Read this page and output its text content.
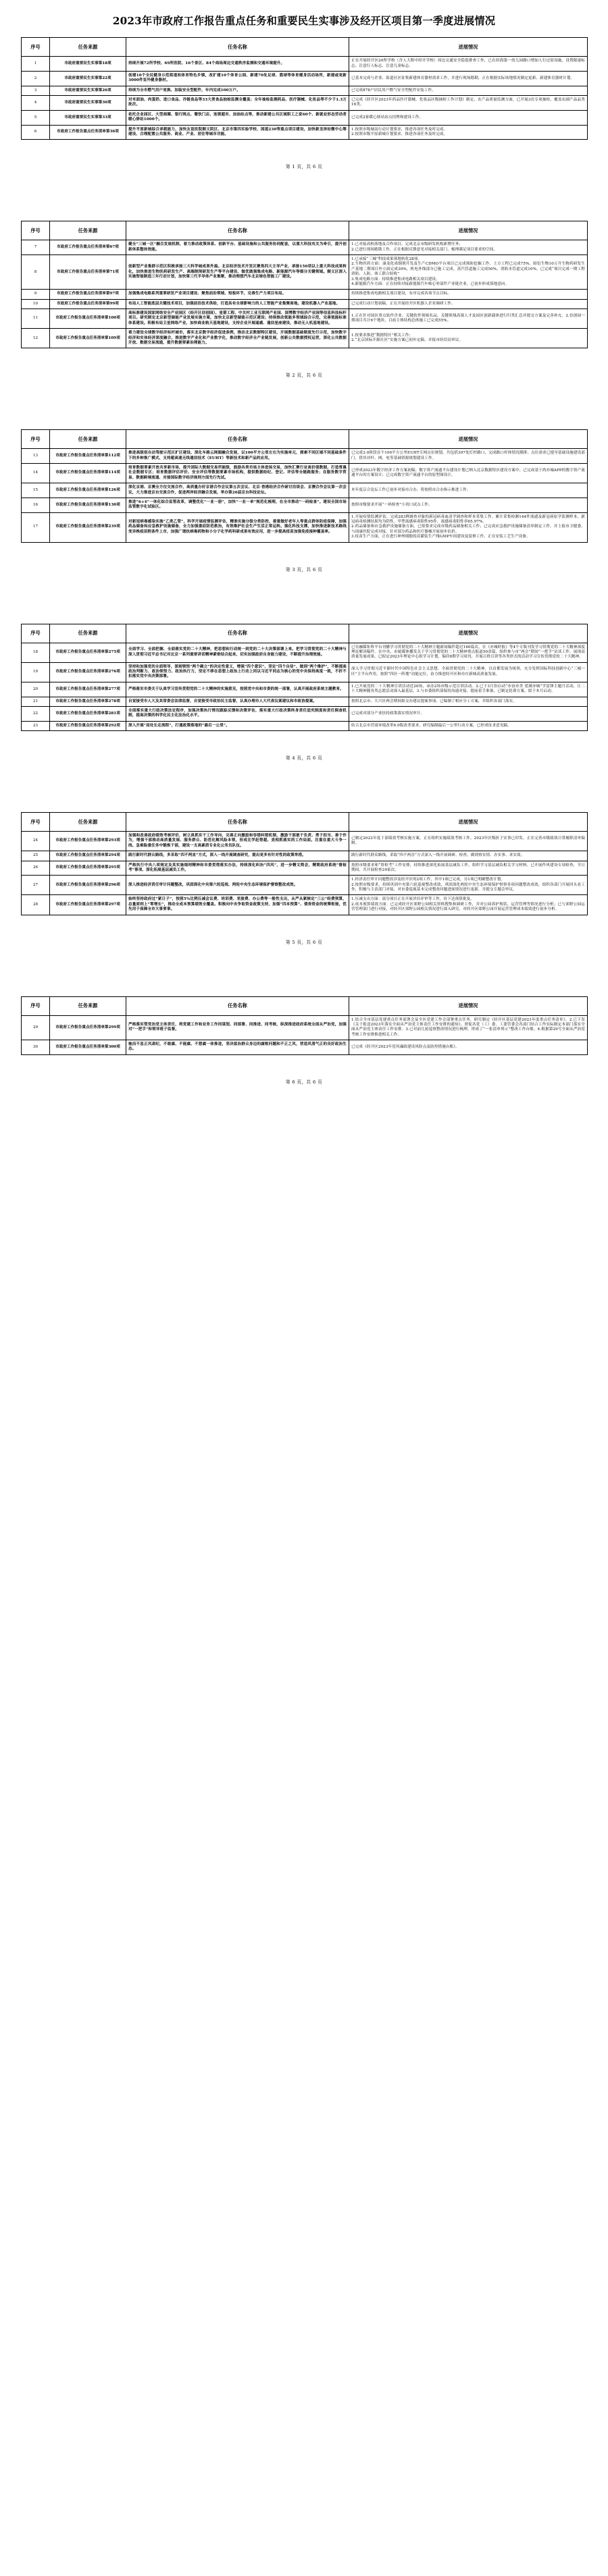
2023年市政府工作报告重点任务和重要民生实事涉及经开区项目第一季度进展情况
序号	任务来源	任务名称	进展情况
1	市政府重要民生实事第18项	持续开展72所学校、69所医院、16个景区、84个商场周边交通秩序监测和交通环境提升。	正在开展经开区20所学校（含人大附中经开学校）周边交通安全隐患排查工作，已在经海第一幼儿园路口增加人行过街设施，设置限速标志、注意行人标志、注意儿童标志。
2	市政府重要民生实事第22项	创建10个全民健身示范街道和体育特色乡镇，改扩建10个体育公园、新建70处足球、篮球等体育健身活动场所，新建或更新3000件室外健身器材。	已基本完成与企业、街道社区征集新建体育器材需求工作，并进行现场踏勘，正在根据实际场地情况制定更新、新建体育器材计划。
3	市政府重要民生实事第26项	持续为全市燃气用户更换、加装安全型配件，年内完成100万户。	已完成878户居民用户燃气安全型配件安装工作。
4	市政府重要民生实事第30项	对米面油、肉蛋奶、进口食品、冷链食品等33大类食品抽检监测全覆盖；全年抽检监测药品、医疗器械、化妆品等不少于1.3万批次。	已完成《经开区2023年药品医疗器械、化妆品区级抽检工作计划》制定，农产品质量监测方面，已开展3次专项抽检，覆盖农副产品品类16类。
5	市政府重要民生实事第33项	依托企业园区、大型商圈、银行网点、餐饮门店、连锁超市、加油站点等，推动新建公共区域职工之家60个、新就业形态劳动者暖心驿站1000个。	已完成2家暖心驿站站点挂牌和建设工作。
6	市政府工作报告重点任务清单第36项	提升平原新城综合承载能力，加快友谊医院顺义院区、北京市第四实验学校、国道230等重点项目建设，加快新龙泽站微中心筹建设、合理配置公共服务、商业、产业、居住等城市功能。	1.按照市级城南行动计划要求，推进各项任务及时完成。
2.按照市级平原新城计划要求，推进各项任务及时完成。
第 1 页，共 6 页
序号	任务来源	任务名称	进展情况
7	市政府工作报告重点任务清单第67项	健全“三城一区”融合发展机制，着力推动政策体系、创新平台、基础设施和公共服务协同配套，以重大科技攻关为牵引，提升创新体系整体效能。	1.已对接高校落地及合作项目、完成北京市级研发机构新增任务；
2.已进行现场踏勘工作，正在根据反馈意见对接相关部门，梳理满足项目要求的空间。
8	市政府工作报告重点任务清单第71项	创新型产业集群示范区积极承接三大科学城成果外溢。北京经济技术开发区聚焦四大主导产业，承接150项以上重大科技成果转化，加快推进生物医药研发生产、高端制剂研发生产等平台建设、做优做强集成电路、新能源汽车等细分关键领域。顺义区深入实施智能制造三年行动计划，加快第三代半导体产业集聚，推动理想汽车北京绿色智能工厂建设。	1.已承接“三城”科技成果落地转化28项。
2.生物医药方面：康龙化成制剂开发及生产CDMO平台项目已完成预防挖掘工作，土方工程已完成75%。昭衍生物10万升生物药研发生产基地二期项目外立面完成30%，机电外线部分已施工完成。蒸汽管道施工完成50%，消防水管道完成10%。已完成“项目完成一期工程消防、人防、竣工联合验收”
3.集成电路方面：持续推进集成电路相关项目建设。
4.新能源汽车方面：正在持续对接新能源汽车核心零部件产业链企业，已初步形成落地意向。
9	市政府工作报告重点任务清单第97项	加强集成电路系列重要研发产业项目建设、聚焦前沿领域、短板环节，完善生产力项目布局。	持续推进集成电路相关项目建设，有序完成各项节点目标。
10	市政府工作报告重点任务清单第99项	布局人工智能底层关键技术项目，加强前沿技术供给，打造具有全球影响力的人工智能产业集聚高地。建设机器人产业基地。	已完成行动计划初稿。正在开展经开区机器人企业调研工作。
11	市政府工作报告重点任务清单第100项	高标准建设国家网络安全产业园区（经开区信创园）、星箭工程、中关村工业互联网产业园、国博数字经济产业园等信息科技标杆项目。研究制定北京新型储能产业发展实施方案，加快北京新型储能示范区建设；持续推动氢能多领域综合示范，完善氢能标准体系建设。积极布局卫星网络产业，加快商业航天基地建设，支持企业开展遥感、通信星座建设，推动无人机基地建设。	1.正在针对园区重点软件企业、关键软件领域名品、关键领域高端人才及园区创新载体进行归类汇总并提交方案及完善补充。2.信创园一期项目共计6个地块，目前主体结构总体施工已完成55%。
12	市政府工作报告重点任务清单第109项	着力建设全球数字经济标杆城市，落实北京数字经济促进条例，推动北京数据特区建设，开展数据基础制度先行示范，加快数字经济和实体经济深度融合，推进数字产业化和产业数字化，推动数字经济全产业链发展，创新公共数据授权运营，深化公共数据开放、数据交易流通，提升数据要素治理能力。	1.按要求推进“数据特区”相关工作；
2.“北京国际开源社区”实施方案已初步定稿，并报市经信局审议。
第 2 页，共 6 页
序号	任务来源	任务名称	进展情况
13	市政府工作报告重点任务清单第112项	推进高级别自动驾驶示范区扩区建设、深化车路云网图融合发展，以100平方公里左右为实施单元，探索不同区域不同基础条件下的多种推广模式、支持超高速无线通信技术（EUHT）等新技术和新产品的应用。	已完成3.0阶段首个100平方公里EUHT专网点位规划，共包括307处灯控路口，完成路口杆体情况摸排；点位需求已提至基础设施建设部门，供其对杆、网、电等基础资源规划建设工作。
14	市政府工作报告重点任务清单第114项	培育数据要素开放共享新市场，提升国际大数据交易所能级，鼓励各类市场主体进场交易，加快汇聚行业高价值数据，打造普惠社会数据专区；培育数据评估评价、安全评估等数据要素市场机构，提供数据经纪、登记、评估等全链路服务；在服务数字贸易、数据跨境流通、对接国际数字经济规则方面先行先试。	已形成2023年数字经济工作方案初稿；数字资产流通平台建设计划已纳入北京数据特区建设方案中；已完成基于尚亦城APP的数字资产流通平台的方案设计；已完成数字资产流通平台的原型图设计。
15	市政府工作报告重点任务清单第126项	深化京港、京澳全方位交流合作，高质量办好京港合作会议第五次会议、北京·香港经济合作研讨洽谈会、京澳合作会议第一次会议，大力推进京台交流合作，促进两岸经济融合发展，举办第26届京台科技论坛。	本年度京合论坛工作已初步对接市合办，将按照市合办指示推进工作。
16	市政府工作报告重点任务清单第130项	推进“6+4”一体化综合监管改革，调整优化“一业一册”，加快“一业一单”规范化梳理，在全市推动“一码检查”。建设全国市场监管数字化试验区。	按照市级要求开展“一码检查”小切口试点工作。
17	市政府工作报告重点任务清单第239项	对新冠病毒感染实施“乙类乙管”，科学开展疫情监测评估，精准实施分级分类防控，着重做好老年人等重点群体防疫保障，加强药品储备和应急救护设施储备，全力加强重症防范救治，有效维护社会生产生活正常运转。强化科技支撑，加快推进新技术路线变异株疫苗附条件上市，加强广谱抗病毒药物和小分子化学药科研成果有效应用，进一步提高疫苗加强免疫接种覆盖率。	1.开展疫情监测评估，完成283例调查对象的新冠病毒血清学调查和样本采集工作。累计采集检测144件流感及新冠病原学监测样本，新冠病毒检测结果均为阴性，甲型流感病毒阳性95件，流感病毒阳性率65.97%。
2.药品储备和应急救护设施储备方面，已按要求完成市级药品储备相关工作；已完成应急救护设施储备清单制定工作，并上报市卫健委。与国康医院完成对接，针对部分药品和医疗器械开展初步估价。
3.疫苗生产方面，正在进行神州细胞疫苗灌装生产线GMP车间建设及装修工作，正在安装工艺生产设备。
第 3 页，共 6 页
序号	任务来源	任务名称	进展情况
18	市政府工作报告重点任务清单第275项	全面学习、全面把握、全面落实党的二十大精神，把思想和行动统一到党的二十大决策部署上来。把学习贯彻党的二十大精神与深入贯彻习近平总书记对北京一系列重要讲话精神紧密结合起来，切实加强政府自身能力建设，不断提升治理效能。	已在融媒矩阵平台刊播学习贯彻党的二十大精神主题新闻稿件超过160篇次，在《亦城时报》等4个专版刊发学习贯彻党的二十大精神深度理论解读稿件。在中央、市属媒体播发关于学习贯彻党的二十大精神重点报道50余篇，组织参与市“两会”期间“一把手”访谈工作，展现高质量发展成果。已拟定2023年理论中心组学习计划，编印8期学习周刊，开展百姓宣讲等各类形式的活动学习宣传贯彻党的二十大精神。
19	市政府工作报告重点任务清单第276项	坚持和加强党的全面领导，深刻领悟“两个确立”的决定性意义，增强“四个意识”、坚定“四个自信”、做到“两个维护”，不断提高政治判断力、政治领悟力、政治执行力，坚定不移在思想上政治上行动上同以习近平同志为核心的党中央保持高度一致，不折不扣落实党中央决策部署。	深入学习贯彻习近平新时代中国特色社会主义思想，全面贯彻党的二十大精神，以首都发展为统领，充分发挥国际科技创新中心“三城一区”主平台作用，按照“四区一阵地”功能定位，奋力推进经开区和亦庄新城高质量发展。
20	市政府工作报告重点任务清单第277项	严格落实市委关于认真学习宣传贯彻党的二十大精神的实施意见，按照党中央和市委的统一部署，认真开展政府系统主题教育。	1.已开展党的二十大精神宣讲活动近20场，承办2场市级示范宣讲活动。2.已于3月份启动“亦奋亦美 爱满亦城”学雷锋主题月活动，让二十大精神随各类志愿活动深入最基层。3.与市委组织部保持沟通对接，提前着手准备，已制定轮训方案，拟于本月启动。
21	市政府工作报告重点任务清单第278项	自觉接受市人大及其常委会法律监督，自觉接受市政协民主监督，认真办理市人大代表议案建议和市政协提案。	按照北京市、大兴区两会期间拟交办建议提案事项，已编制了相应分工方案，并组织各部门落实。
22	市政府工作报告重点任务清单第281项	全面落实重大行政决策法定程序，加强决策执行情况跟踪反馈和决策评估，落实重大行政决策终身责任追究制度和责任倒查机制，提高决策的科学化民主化法治化水平。	已完成对部分产业扶持政策落实情况审计。
23	市政府工作报告重点任务清单第292项	深入开展“局处长走流程”，打通政策落地的“最后一公里”。	结合北京市营商环境改革6.0版改革要求，研究编制最后一公里行动方案，已形成征求意见稿。
第 4 页，共 6 页
序号	任务来源	任务名称	进展情况
24	市政府工作报告重点任务清单第293项	加强和改善政府绩效考核评价，树立真抓实干工作导向，完善正向激励和容错纠错机制，激励干部敢干负责、勇于担当、善于作为，增强干部推动高质量发展、服务群众、防范化解风险本领，形成比学赶帮超、竞相抓落实的工作局面。注重在重大斗争一线、急难险重任务中锻炼干部，建设一支高素质专业化公务员队伍。	已制定2022年度干部绩效考核实施方案，正在组织实施绩效考核工作。2023年区级折子实事已印发。正在完善市级绩效日常履职清单编制。
25	市政府工作报告重点任务清单第294项	践行新时代群众路线，多采取“四不两直”方式，深入一线开展调查研究，提出更多有针对性的政策举措。	践行新时代群众路线，采取“四不两直”方式深入一线开展调研、检查，做到察实情、办实事、求实效。
26	市政府工作报告重点任务清单第295项	严格执行中央八项规定及其实施细则精神和市委贯彻落实办法，持续深化纠治“四风”，进一步精文简会，精简政府系统“督检考”事项、深化拓展基层减负工作。	按照市级要求和“督检考”工作安排，持续推进深化拓展基层减负工作，组织学习基层减负相关学习材料。已开展作风建设专项检查，节日期间，共开展检查24家次。
27	市政府工作报告重点任务清单第296项	深入推进经济责任审计问题整改，巩固深化中央第六轮巡视、两轮中央生态环境保护督察整改成效。	1.经济责任审计问题整改涉及经开区的2项工作，其中1项已完成，另1项已明确整改计划。
2.按照市级要求，持续巩固中央第六轮巡视整改成效，巩固深化两轮中央生态环境保护督察各项问题整改成效，组织各部门开展回头看工作，积极与主责部门对接，对市委巡视基本完成整改问题进展情况进行更新，并提交专题会审议。
28	市政府工作报告重点任务清单第297项	始终坚持政府过“紧日子”，按照5%比例压减会议费、培训费、差旅费、办公费等一般性支出，从严从紧核定“三公”经费预算，总量原则上“零增长”，推动全成本预算绩效全覆盖。积极向中央争取资金政策支持，加强“四本预算”、债券资金的统筹衔接，优先用于保障全市大事要事。	1.压减支出方面：部分项目正在开展评估评审等工作，待下达预算批复。
2.成本预算绩效方面：已完成经开区郊野公园相关资料搜集和调研工作，并对公园养护现状、运营管理等情况进行分析；已与郊野公园运营管理部门进行对接，对经开区郊野公园相关情况进行深入研究，对经开区郊野公园开展运营管理成本绩效进行初步分析。
第 5 页，共 6 页
序号	任务来源	任务名称	进展情况
29	市政府工作报告重点任务清单第299项	严格落实管党治党主体责任，将党建工作和业务工作同谋划、同部署、同推进、同考核，纵深推进政府系统全面从严治党，加强对“一把手”和领导班子监督。	1.结合全市基层党建重点任务部署会及全区党建工作会部署重点任务，研究制定《经开区基层党建2023年度重点任务清单》。2.已下发《关于报送2023年落实全面从严治党主体责任工作安排的通知》，督促各党（工）委、工委管委会各部门结合工作实际制定本部门落实全面从严治党主体责任工作安排。3.已对前几轮巡察整改情况进行梳理，形成了“一张清单列示”整改工作台账。4.根据第29号全面从严治党考核工作安排推进相关工作。
30	市政府工作报告重点任务清单第300项	驰而不息正风肃纪，不敢腐、不能腐、不想腐一体推进，坚决惩治群众身边的腐败问题和不正之风，营造风清气正的良好政治生态。	已完成《经开区2023年党风廉政建设风险点及防控措施台账》。
第 6 页，共 6 页
